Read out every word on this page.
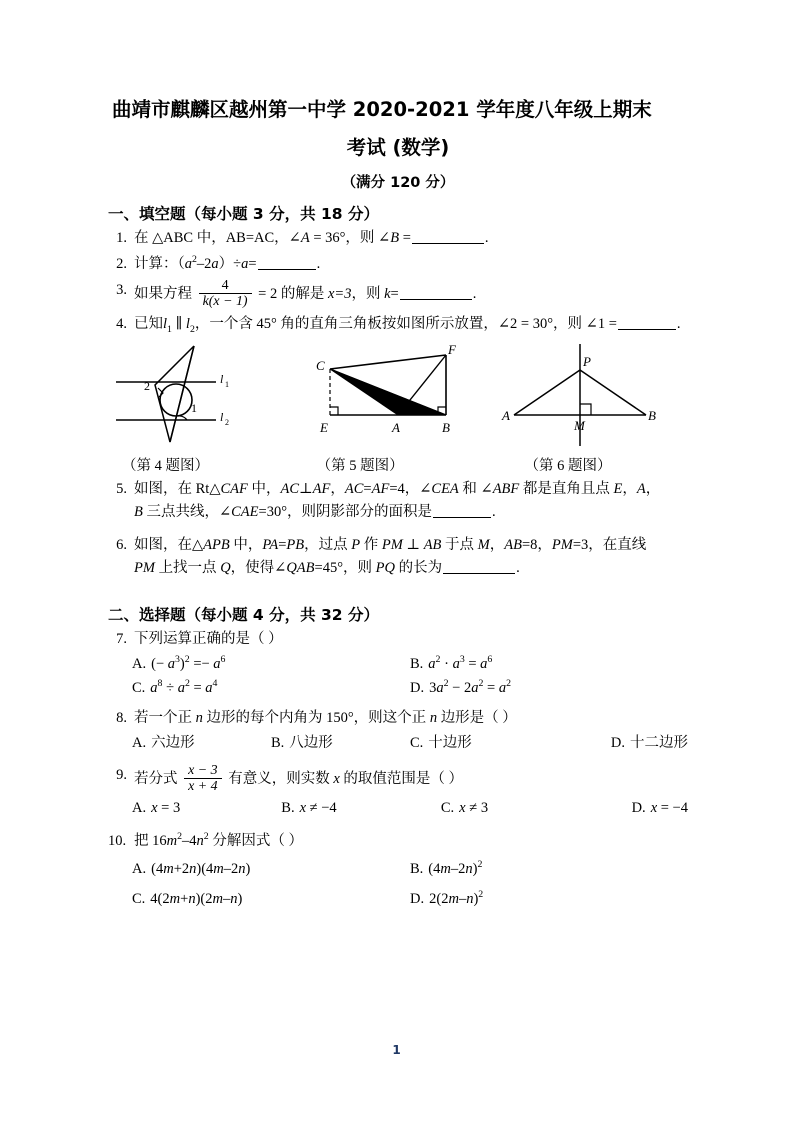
曲靖市麒麟区越州第一中学 2020-2021 学年度八年级上期末
考试 (数学)
（满分 120 分）
一、填空题（每小题 3 分，共 18 分）
1. 在 △ABC 中，AB=AC，∠A = 36°，则 ∠B =	.
2. 计算：$(a^2-2a)\div a=$	.
3. 如果方程 $\frac{4}{k(x - 1)} = 2$ 的解是 x=3，则 k=	.
4. 已知$l_1$ ∥ $l_2$，一个含 45° 角的直角三角板按如图所示放置，∠2 = 30°，则 ∠1 =	.
1
2	l 1
l 2
C
F
E	A	B
P
A	B
M
（第 4 题图）	（第 5 题图）	（第 6 题图）
5. 如图，在 Rt△CAF 中，AC⊥AF，AC=AF=4，∠CEA 和 ∠ABF 都是直角且点 E，A，
B 三点共线，∠CAE=30°，则阴影部分的面积是	.
6. 如图，在△APB 中，PA=PB，过点 P 作 PM ⊥ AB 于点 M，AB=8，PM=3，在直线
PM 上找一点 Q，使得∠QAB=45°，则 PQ 的长为	.
二、选择题（每小题 4 分，共 32 分）
7. 下列运算正确的是（ ）
A. (− $a^3)^2 =- a^6$	B. $a^2 \cdot a^3 = a^6$
C. $a^8 \div a^2 = a^4$	D. $3a^2 - 2a^2 = a^2$
8. 若一个正 n 边形的每个内角为 150°，则这个正 n 边形是（ ）
A. 六边形	B. 八边形	C. 十边形	D. 十二边形
9. 若分式 $\frac{x - 3}{x + 4}$ 有意义，则实数 x 的取值范围是（ ）
A. x = 3	B. x ≠ −4	C. x ≠ 3	D. x = −4
10. 把 $16m^2-4n^2$ 分解因式（ ）
A. (4m+2n)(4m–2n)	B. $(4m-2n)^2$
C. 4(2m+n)(2m–n)	D. $2(2m-n)^2$
1
